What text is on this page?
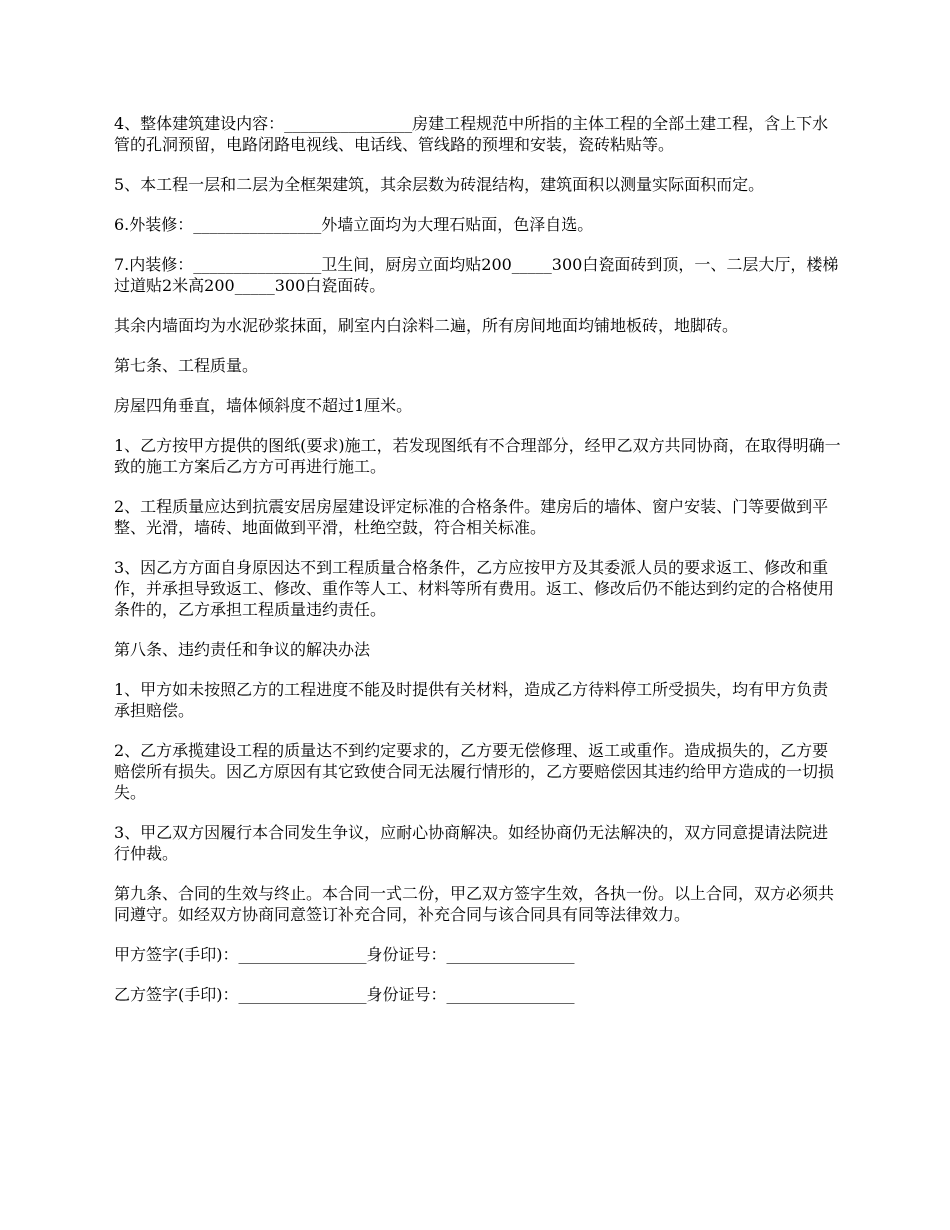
4、整体建筑建设内容：________________房建工程规范中所指的主体工程的全部土建工程，含上下水管的孔洞预留，电路闭路电视线、电话线、管线路的预埋和安装，瓷砖粘贴等。

5、本工程一层和二层为全框架建筑，其余层数为砖混结构，建筑面积以测量实际面积而定。

6.外装修：________________外墙立面均为大理石贴面，色泽自选。

7.内装修：________________卫生间，厨房立面均贴200_____300白瓷面砖到顶，一、二层大厅，楼梯过道贴2米高200_____300白瓷面砖。

其余内墙面均为水泥砂浆抹面，刷室内白涂料二遍，所有房间地面均铺地板砖，地脚砖。

第七条、工程质量。

房屋四角垂直，墙体倾斜度不超过1厘米。

1、乙方按甲方提供的图纸(要求)施工，若发现图纸有不合理部分，经甲乙双方共同协商，在取得明确一致的施工方案后乙方方可再进行施工。

2、工程质量应达到抗震安居房屋建设评定标准的合格条件。建房后的墙体、窗户安装、门等要做到平整、光滑，墙砖、地面做到平滑，杜绝空鼓，符合相关标准。

3、因乙方方面自身原因达不到工程质量合格条件，乙方应按甲方及其委派人员的要求返工、修改和重作，并承担导致返工、修改、重作等人工、材料等所有费用。返工、修改后仍不能达到约定的合格使用条件的，乙方承担工程质量违约责任。

第八条、违约责任和争议的解决办法

1、甲方如未按照乙方的工程进度不能及时提供有关材料，造成乙方待料停工所受损失，均有甲方负责承担赔偿。

2、乙方承揽建设工程的质量达不到约定要求的，乙方要无偿修理、返工或重作。造成损失的，乙方要赔偿所有损失。因乙方原因有其它致使合同无法履行情形的，乙方要赔偿因其违约给甲方造成的一切损失。

3、甲乙双方因履行本合同发生争议，应耐心协商解决。如经协商仍无法解决的，双方同意提请法院进行仲裁。

第九条、合同的生效与终止。本合同一式二份，甲乙双方签字生效，各执一份。以上合同，双方必须共同遵守。如经双方协商同意签订补充合同，补充合同与该合同具有同等法律效力。

甲方签字(手印)：________________身份证号：________________

乙方签字(手印)：________________身份证号：________________
